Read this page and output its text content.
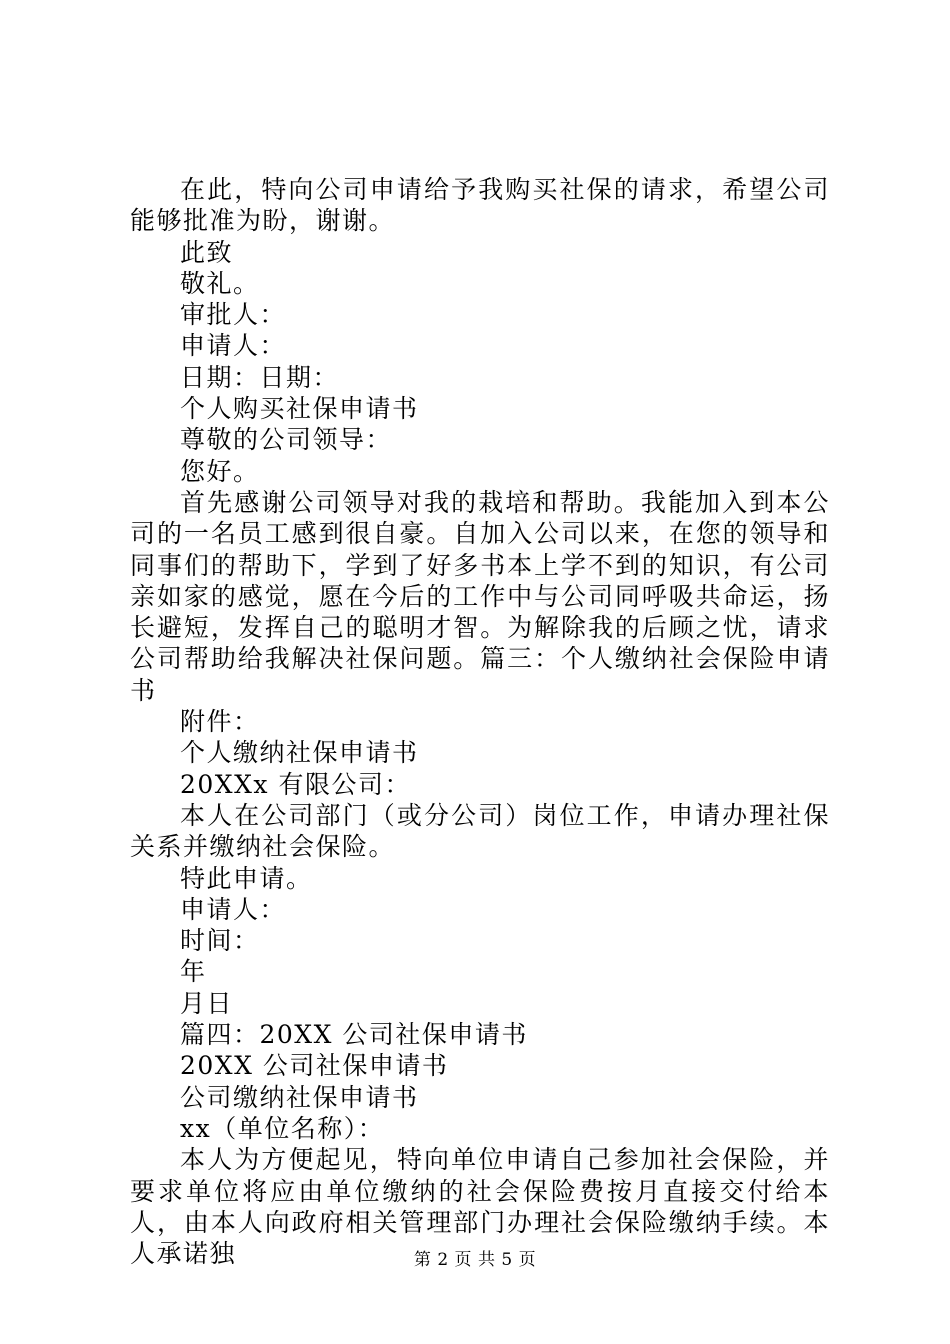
在此，特向公司申请给予我购买社保的请求，希望公司能够批准为盼，谢谢。

此致

敬礼。

审批人：

申请人：

日期：日期：

个人购买社保申请书

尊敬的公司领导：

您好。

首先感谢公司领导对我的栽培和帮助。我能加入到本公司的一名员工感到很自豪。自加入公司以来，在您的领导和同事们的帮助下，学到了好多书本上学不到的知识，有公司亲如家的感觉，愿在今后的工作中与公司同呼吸共命运，扬长避短，发挥自己的聪明才智。为解除我的后顾之忧，请求公司帮助给我解决社保问题。篇三：个人缴纳社会保险申请书

附件：

个人缴纳社保申请书

20XXx 有限公司：

本人在公司部门（或分公司）岗位工作，申请办理社保关系并缴纳社会保险。

特此申请。

申请人：

时间：

年

月日

篇四：20XX 公司社保申请书

20XX 公司社保申请书

公司缴纳社保申请书

xx（单位名称）：

本人为方便起见，特向单位申请自己参加社会保险，并要求单位将应由单位缴纳的社会保险费按月直接交付给本人，由本人向政府相关管理部门办理社会保险缴纳手续。本人承诺独	第 2 页 共 5 页
